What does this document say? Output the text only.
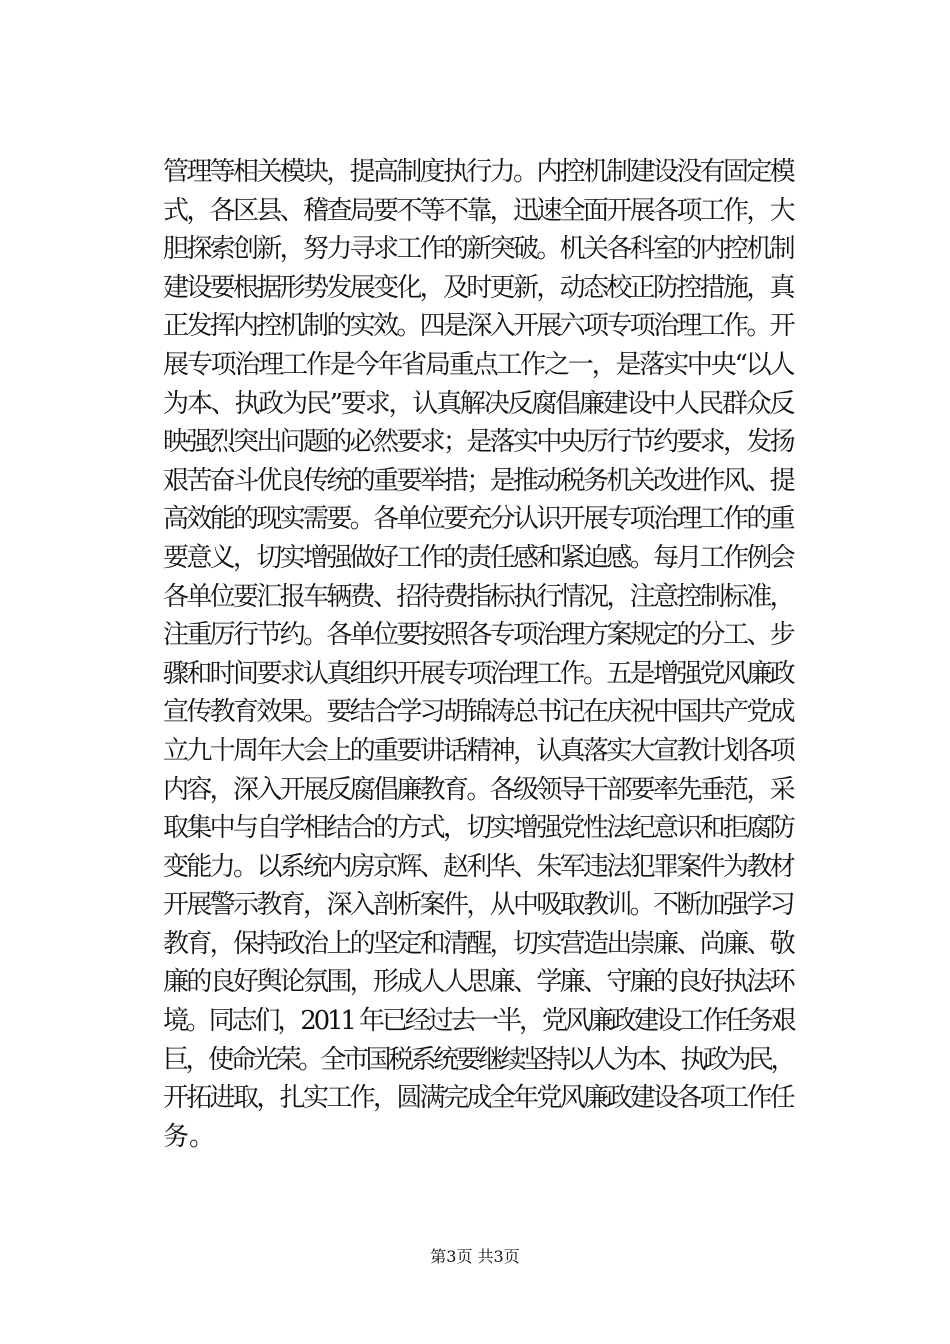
管理等相关模块，提高制度执行力。内控机制建设没有固定模
式，各区县、稽查局要不等不靠，迅速全面开展各项工作，大
胆探索创新，努力寻求工作的新突破。机关各科室的内控机制
建设要根据形势发展变化，及时更新，动态校正防控措施，真
正发挥内控机制的实效。四是深入开展六项专项治理工作。开
展专项治理工作是今年省局重点工作之一，是落实中央“以人
为本、执政为民”要求，认真解决反腐倡廉建设中人民群众反
映强烈突出问题的必然要求；是落实中央厉行节约要求，发扬
艰苦奋斗优良传统的重要举措；是推动税务机关改进作风、提
高效能的现实需要。各单位要充分认识开展专项治理工作的重
要意义，切实增强做好工作的责任感和紧迫感。每月工作例会
各单位要汇报车辆费、招待费指标执行情况，注意控制标准，
注重厉行节约。各单位要按照各专项治理方案规定的分工、步
骤和时间要求认真组织开展专项治理工作。五是增强党风廉政
宣传教育效果。要结合学习胡锦涛总书记在庆祝中国共产党成
立九十周年大会上的重要讲话精神，认真落实大宣教计划各项
内容，深入开展反腐倡廉教育。各级领导干部要率先垂范，采
取集中与自学相结合的方式，切实增强党性法纪意识和拒腐防
变能力。以系统内房京辉、赵利华、朱军违法犯罪案件为教材
开展警示教育，深入剖析案件，从中吸取教训。不断加强学习
教育，保持政治上的坚定和清醒，切实营造出崇廉、尚廉、敬
廉的良好舆论氛围，形成人人思廉、学廉、守廉的良好执法环
境。同志们，2011 年已经过去一半，党风廉政建设工作任务艰
巨，使命光荣。全市国税系统要继续坚持以人为本、执政为民，
开拓进取，扎实工作，圆满完成全年党风廉政建设各项工作任
务。
第3页 共3页
